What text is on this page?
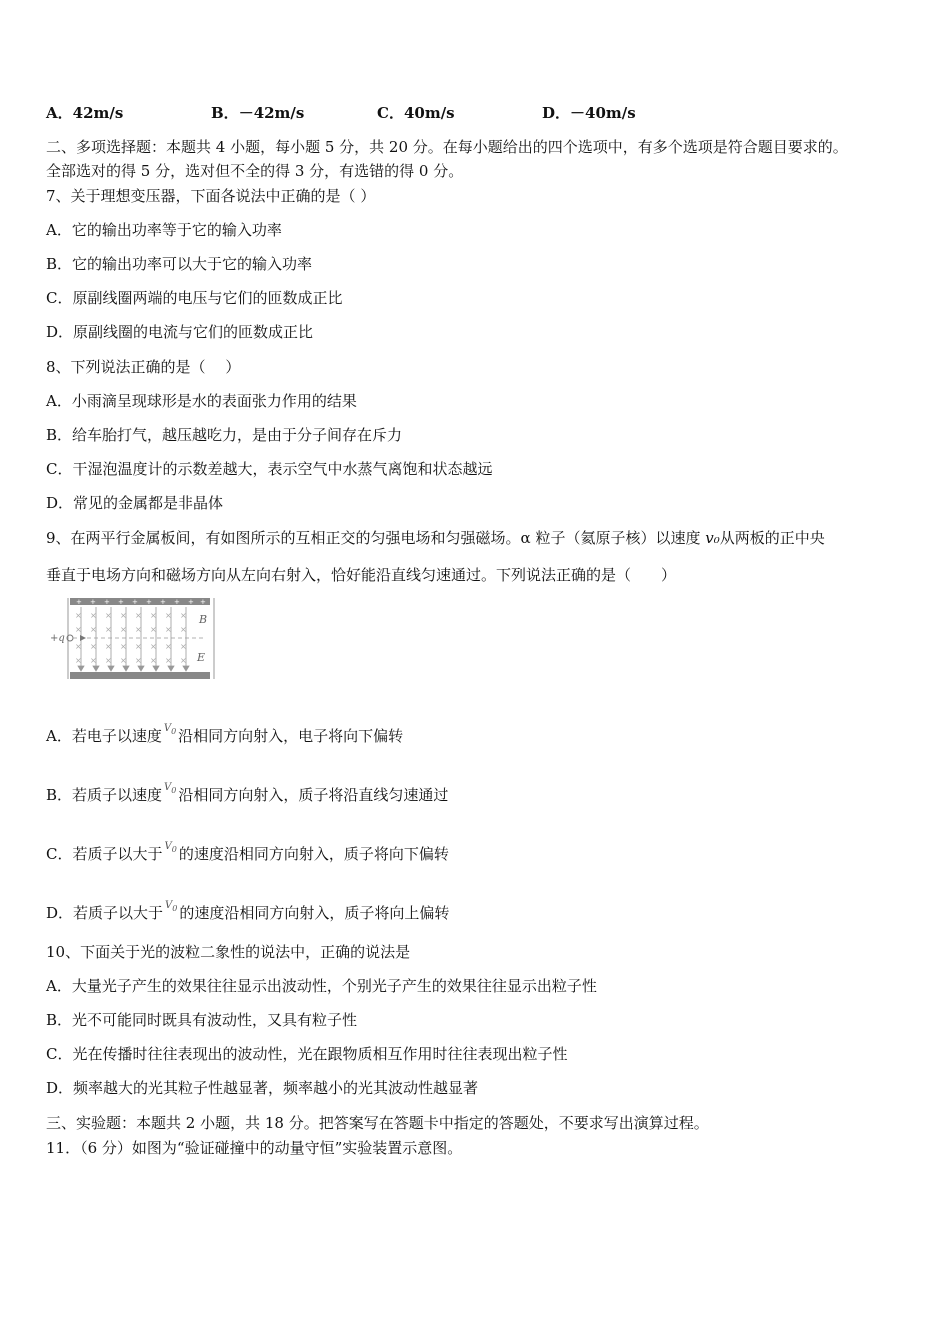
A．42m/s	B．－42m/s	C．40m/s	D．－40m/s
二、多项选择题：本题共 4 小题，每小题 5 分，共 20 分。在每小题给出的四个选项中，有多个选项是符合题目要求的。
全部选对的得 5 分，选对但不全的得 3 分，有选错的得 0 分。
7、关于理想变压器，下面各说法中正确的是（ ）
A．它的输出功率等于它的输入功率
B．它的输出功率可以大于它的输入功率
C．原副线圈两端的电压与它们的匝数成正比
D．原副线圈的电流与它们的匝数成正比
8、下列说法正确的是（　 ）
A．小雨滴呈现球形是水的表面张力作用的结果
B．给车胎打气，越压越吃力，是由于分子间存在斥力
C．干湿泡温度计的示数差越大，表示空气中水蒸气离饱和状态越远
D．常见的金属都是非晶体
9、在两平行金属板间，有如图所示的互相正交的匀强电场和匀强磁场。α 粒子（氦原子核）以速度 v₀从两板的正中央
垂直于电场方向和磁场方向从左向右射入，恰好能沿直线匀速通过。下列说法正确的是（　　）
+ + + + + + + + + +
× × × × × × × ×
× × × × × × × ×
× × × × × × × ×
× × × × × × × ×
+q
B
E
A．若电子以速度 $^{V_0}$ 沿相同方向射入，电子将向下偏转
B．若质子以速度 $^{V_0}$ 沿相同方向射入，质子将沿直线匀速通过
C．若质子以大于 $^{V_0}$ 的速度沿相同方向射入，质子将向下偏转
D．若质子以大于 $^{V_0}$ 的速度沿相同方向射入，质子将向上偏转
10、下面关于光的波粒二象性的说法中，正确的说法是
A．大量光子产生的效果往往显示出波动性，个别光子产生的效果往往显示出粒子性
B．光不可能同时既具有波动性，又具有粒子性
C．光在传播时往往表现出的波动性，光在跟物质相互作用时往往表现出粒子性
D．频率越大的光其粒子性越显著，频率越小的光其波动性越显著
三、实验题：本题共 2 小题，共 18 分。把答案写在答题卡中指定的答题处，不要求写出演算过程。
11．（6 分）如图为“验证碰撞中的动量守恒”实验装置示意图。
